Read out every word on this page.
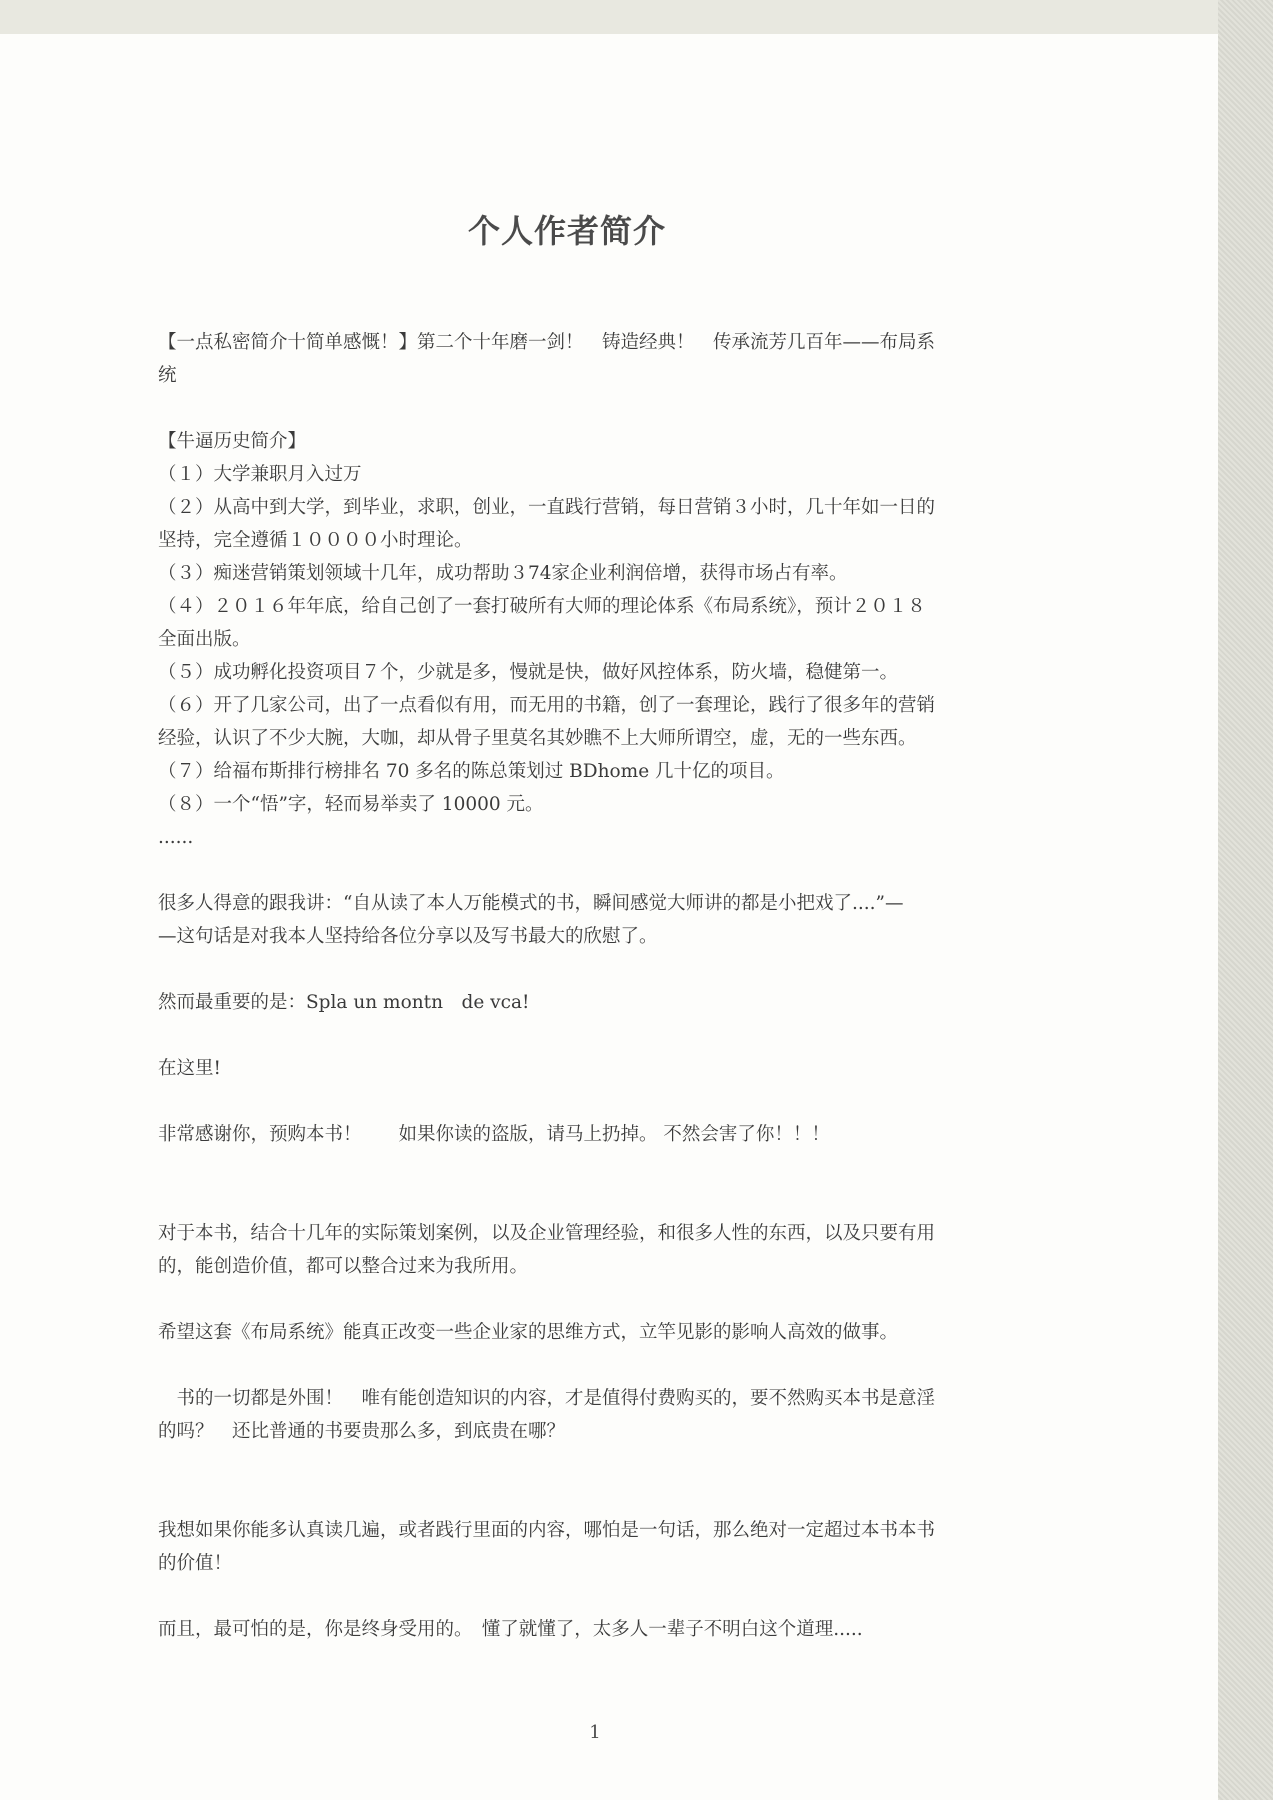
个人作者简介
【一点私密简介十简单感慨！】第二个十年磨一剑！　铸造经典！　传承流芳几百年——布局系
统
【牛逼历史简介】
（１）大学兼职月入过万
（２）从高中到大学，到毕业，求职，创业，一直践行营销，每日营销３小时，几十年如一日的
坚持，完全遵循１００００小时理论。
（３）痴迷营销策划领域十几年，成功帮助３74家企业利润倍增，获得市场占有率。
（４）２０１６年年底，给自己创了一套打破所有大师的理论体系《布局系统》，预计２０１８
全面出版。
（５）成功孵化投资项目７个，少就是多，慢就是快，做好风控体系，防火墙，稳健第一。
（６）开了几家公司，出了一点看似有用，而无用的书籍，创了一套理论，践行了很多年的营销
经验，认识了不少大腕，大咖，却从骨子里莫名其妙瞧不上大师所谓空，虚，无的一些东西。
（７）给福布斯排行榜排名 70 多名的陈总策划过 BDhome 几十亿的项目。
（８）一个“悟”字，轻而易举卖了 10000 元。
......
很多人得意的跟我讲：“自从读了本人万能模式的书，瞬间感觉大师讲的都是小把戏了....”—
—这句话是对我本人坚持给各位分享以及写书最大的欣慰了。
然而最重要的是：Spla un montn　de vca!
在这里!
非常感谢你，预购本书！　　如果你读的盗版，请马上扔掉。 不然会害了你！！！
对于本书，结合十几年的实际策划案例，以及企业管理经验，和很多人性的东西，以及只要有用
的，能创造价值，都可以整合过来为我所用。
希望这套《布局系统》能真正改变一些企业家的思维方式，立竿见影的影响人高效的做事。
　书的一切都是外围！　唯有能创造知识的内容，才是值得付费购买的，要不然购买本书是意淫
的吗？　还比普通的书要贵那么多，到底贵在哪？
我想如果你能多认真读几遍，或者践行里面的内容，哪怕是一句话，那么绝对一定超过本书本书
的价值！
而且，最可怕的是，你是终身受用的。　懂了就懂了，太多人一辈子不明白这个道理.....
1
